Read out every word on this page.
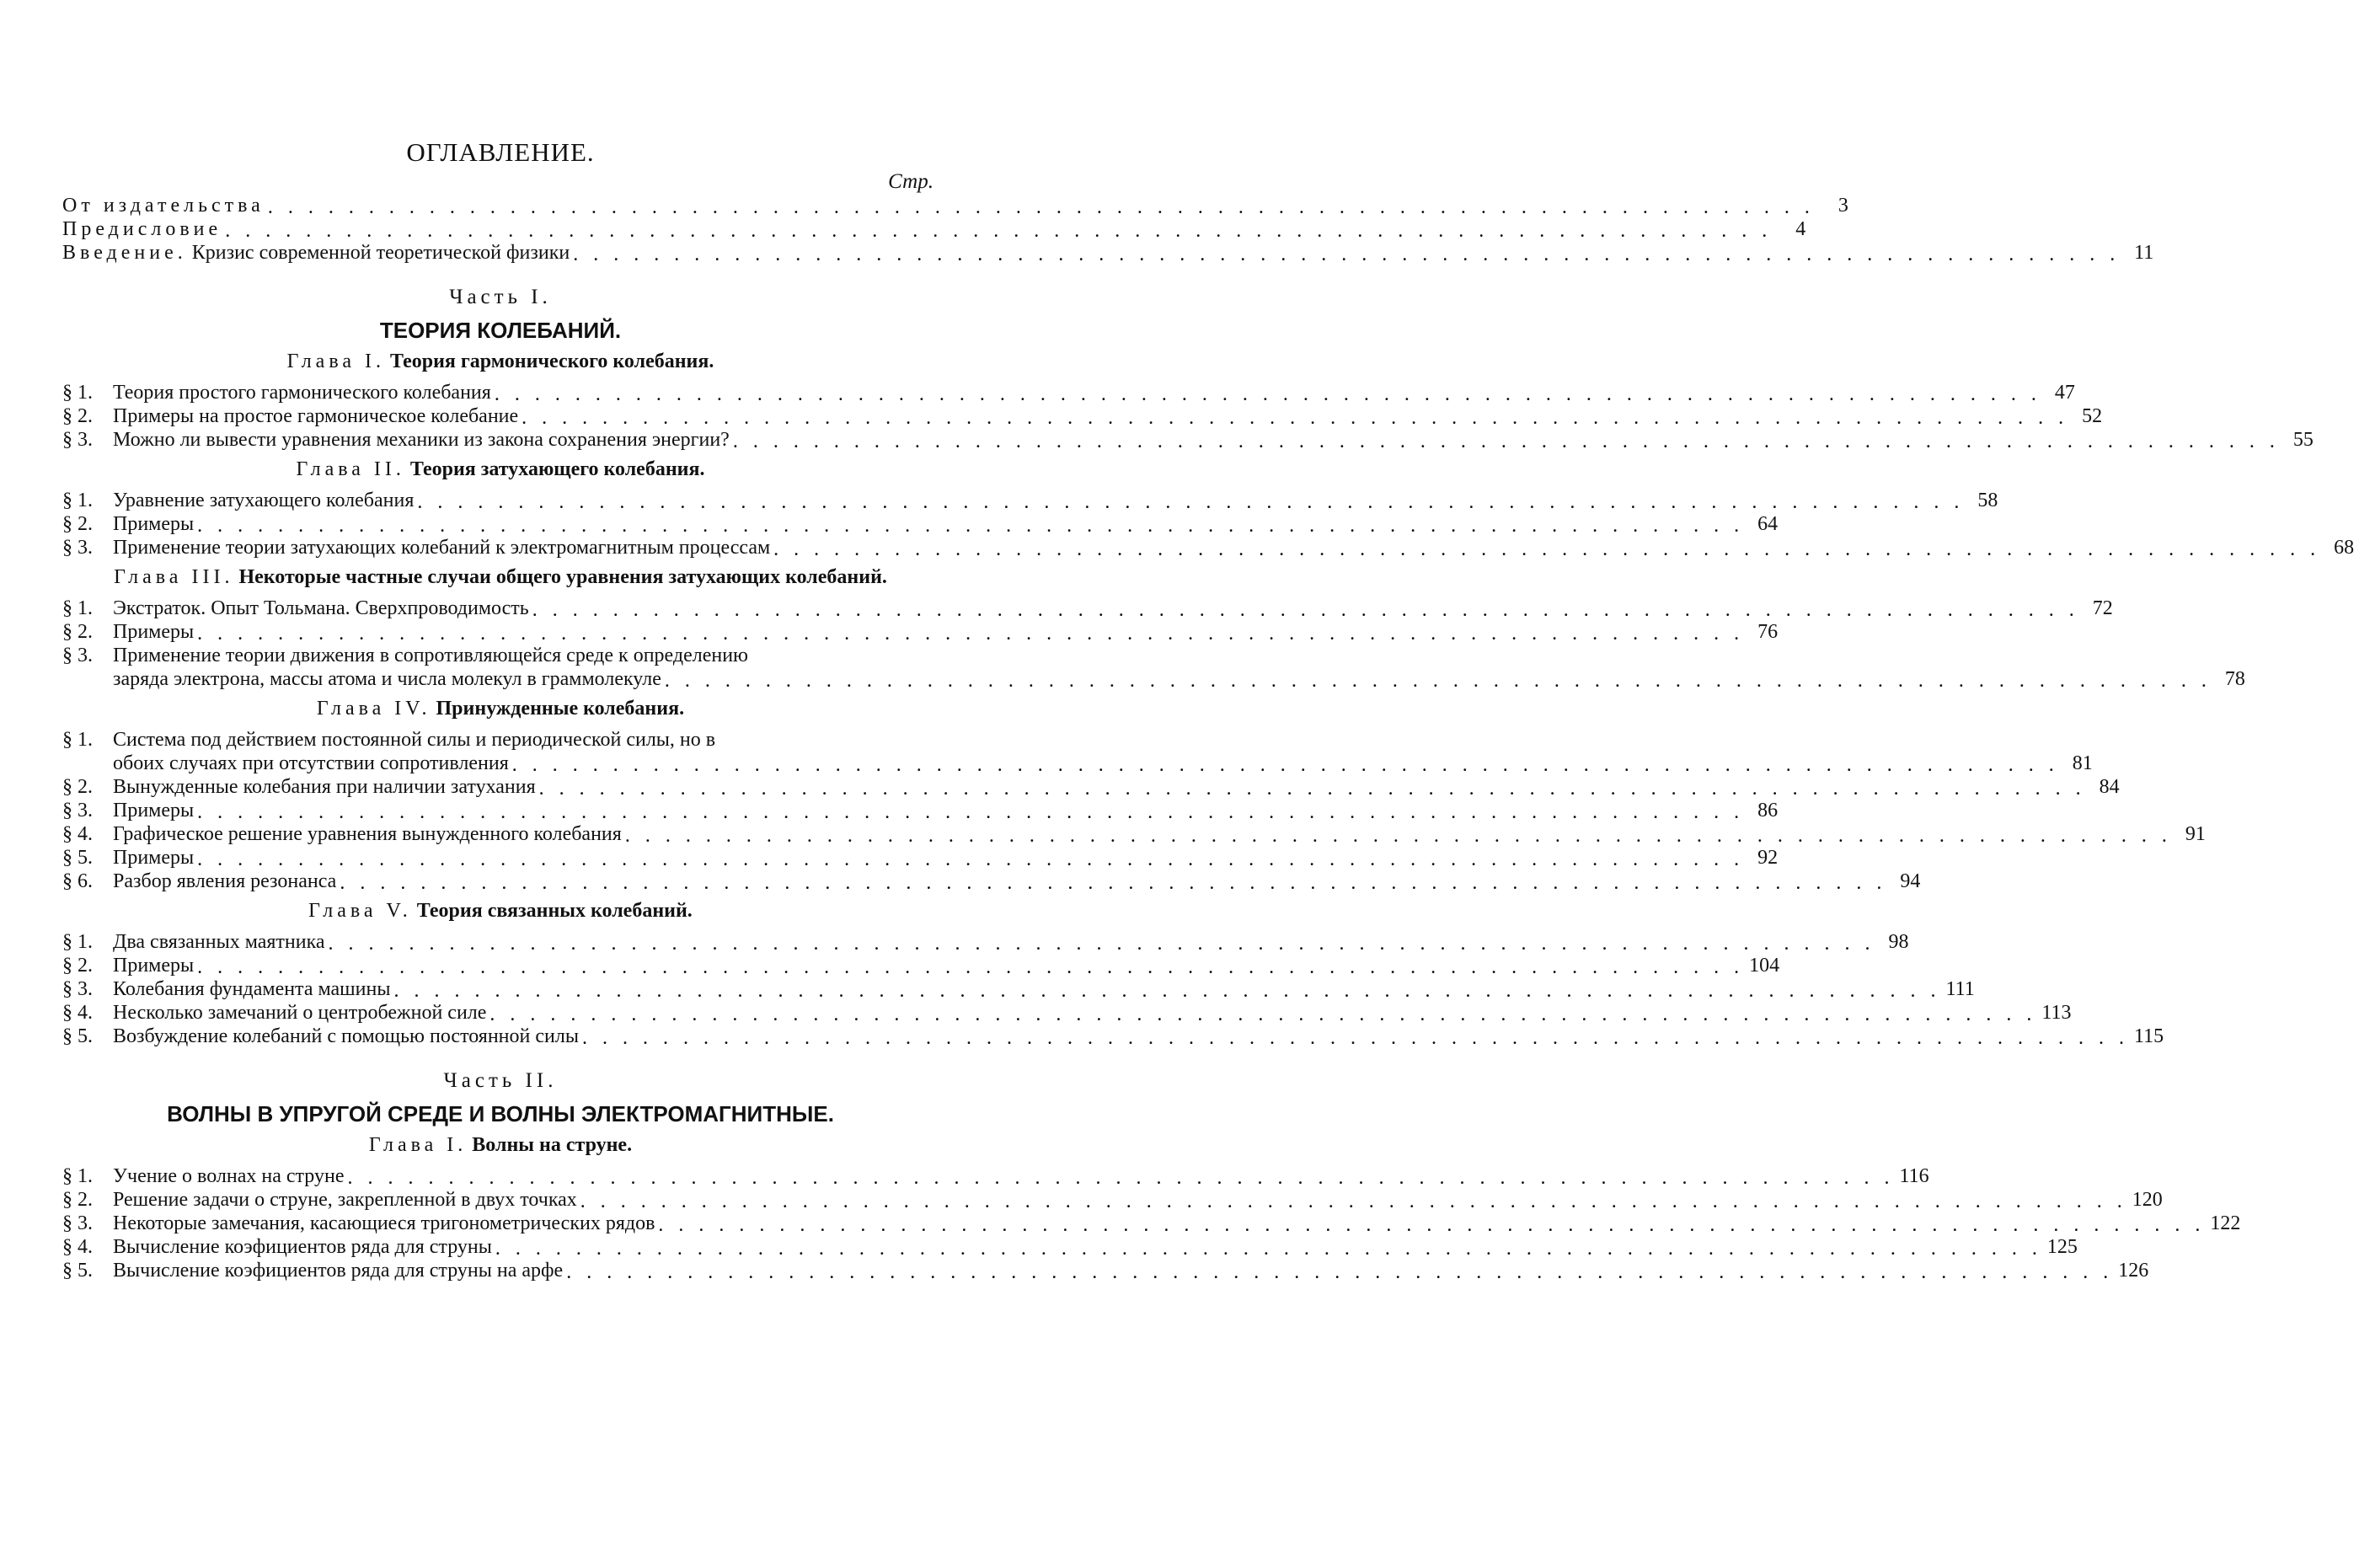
ОГЛАВЛЕНИЕ.
Стр.
От издательства . . .	3
Предисловие . . .	4
Введение. Кризис современной теоретической физики . . .	11
Часть I.
ТЕОРИЯ КОЛЕБАНИЙ.
Глава I. Теория гармонического колебания.
§ 1.	Теория простого гармонического колебания . . .	47
§ 2.	Примеры на простое гармоническое колебание . . .	52
§ 3.	Можно ли вывести уравнения механики из закона сохранения энергии? . . .	55
Глава II. Теория затухающего колебания.
§ 1.	Уравнение затухающего колебания . . .	58
§ 2.	Примеры . . .	64
§ 3.	Применение теории затухающих колебаний к электромагнитным процессам . . .	68
Глава III. Некоторые частные случаи общего уравнения затухающих колебаний.
§ 1.	Экстраток. Опыт Тольмана. Сверхпроводимость . . .	72
§ 2.	Примеры . . .	76
§ 3.	Применение теории движения в сопротивляющейся среде к определению
заряда электрона, массы атома и числа молекул в граммолекуле . . .	78
Глава IV. Принужденные колебания.
§ 1.	Система под действием постоянной силы и периодической силы, но в
обоих случаях при отсутствии сопротивления . . .	81
§ 2.	Вынужденные колебания при наличии затухания . . .	84
§ 3.	Примеры . . .	86
§ 4.	Графическое решение уравнения вынужденного колебания . . .	91
§ 5.	Примеры . . .	92
§ 6.	Разбор явления резонанса . . .	94
Глава V. Теория связанных колебаний.
§ 1.	Два связанных маятника . . .	98
§ 2.	Примеры . . .	104
§ 3.	Колебания фундамента машины . . .	111
§ 4.	Несколько замечаний о центробежной силе . . .	113
§ 5.	Возбуждение колебаний с помощью постоянной силы . . .	115
Часть II.
ВОЛНЫ В УПРУГОЙ СРЕДЕ И ВОЛНЫ ЭЛЕКТРОМАГНИТНЫЕ.
Глава I. Волны на струне.
§ 1.	Учение о волнах на струне . . .	116
§ 2.	Решение задачи о струне, закрепленной в двух точках . . .	120
§ 3.	Некоторые замечания, касающиеся тригонометрических рядов . . .	122
§ 4.	Вычисление коэфициентов ряда для струны . . .	125
§ 5.	Вычисление коэфициентов ряда для струны на арфе . . .	126
